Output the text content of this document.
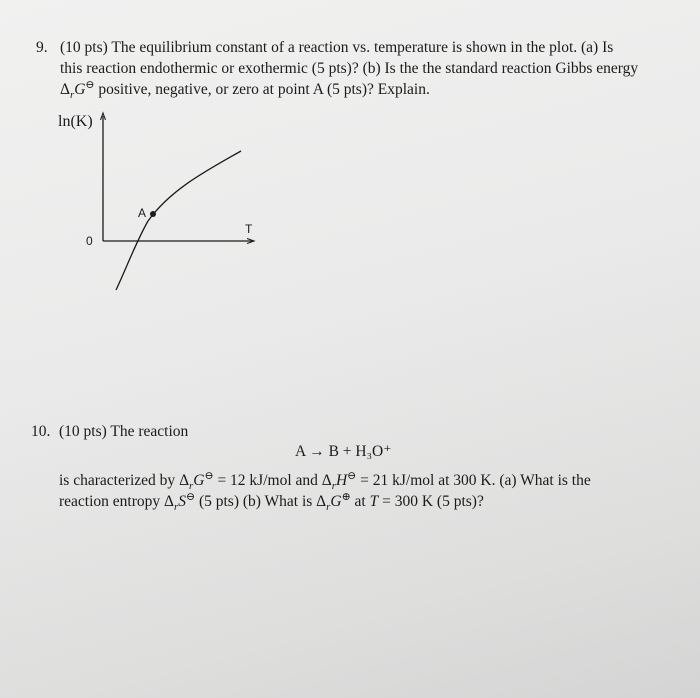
9. (10 pts) The equilibrium constant of a reaction vs. temperature is shown in the plot. (a) Is
this reaction endothermic or exothermic (5 pts)? (b) Is the the standard reaction Gibbs energy
$\Delta_rG^⊖$ positive, negative, or zero at point A (5 pts)? Explain.
ln(K)
T
0
A
10. (10 pts) The reaction
A → B + H₃O⁺
is characterized by $\Delta_rG^⊖ = 12$ kJ/mol and $\Delta_rH^⊖ = 21$ kJ/mol at 300 K. (a) What is the
reaction entropy $\Delta_rS^⊖$ (5 pts) (b) What is $\Delta_rG^\oplus$ at T = 300 K (5 pts)?
